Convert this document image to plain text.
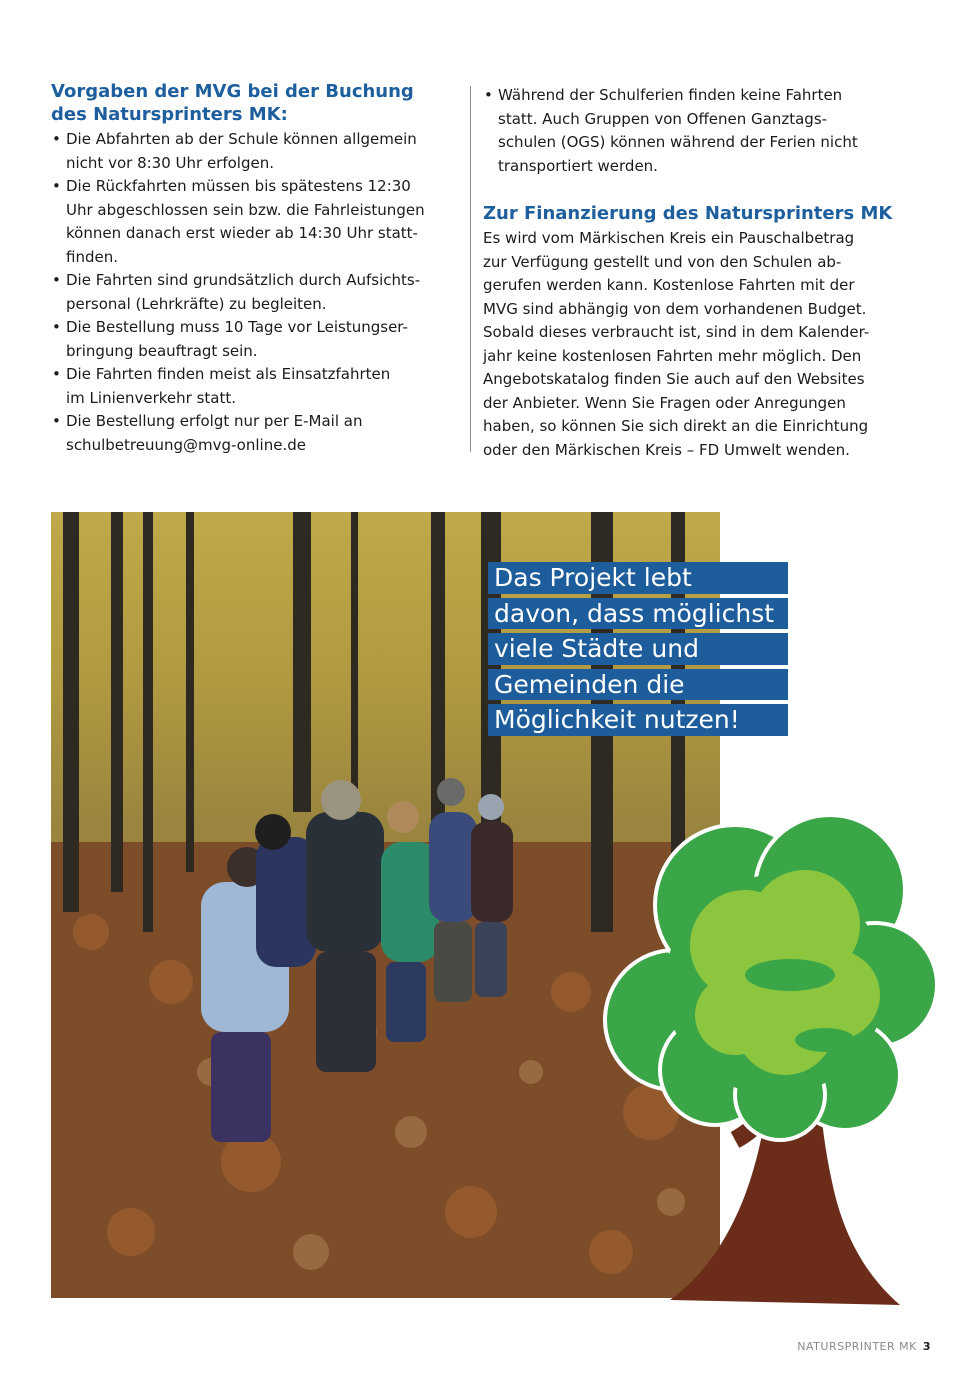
Vorgaben der MVG bei der Buchung
des Natursprinters MK:
• Die Abfahrten ab der Schule können allgemein
nicht vor 8:30 Uhr erfolgen.
• Die Rückfahrten müssen bis spätestens 12:30
Uhr abgeschlossen sein bzw. die Fahrleistungen
können danach erst wieder ab 14:30 Uhr statt-
finden.
• Die Fahrten sind grundsätzlich durch Aufsichts-
personal (Lehrkräfte) zu begleiten.
• Die Bestellung muss 10 Tage vor Leistungser-
bringung beauftragt sein.
• Die Fahrten finden meist als Einsatzfahrten
im Linienverkehr statt.
• Die Bestellung erfolgt nur per E-Mail an
schulbetreuung@mvg-online.de
• Während der Schulferien finden keine Fahrten
statt. Auch Gruppen von Offenen Ganztags-
schulen (OGS) können während der Ferien nicht
transportiert werden.
Zur Finanzierung des Natursprinters MK

Es wird vom Märkischen Kreis ein Pauschalbetrag
zur Verfügung gestellt und von den Schulen ab-
gerufen werden kann. Kostenlose Fahrten mit der
MVG sind abhängig von dem vorhandenen Budget.
Sobald dieses verbraucht ist, sind in dem Kalender-
jahr keine kostenlosen Fahrten mehr möglich. Den
Angebotskatalog finden Sie auch auf den Websites
der Anbieter. Wenn Sie Fragen oder Anregungen
haben, so können Sie sich direkt an die Einrichtung
oder den Märkischen Kreis – FD Umwelt wenden.

Das Projekt lebt
davon, dass möglichst
viele Städte und
Gemeinden die
Möglichkeit nutzen!
NATURSPRINTER MK 3
